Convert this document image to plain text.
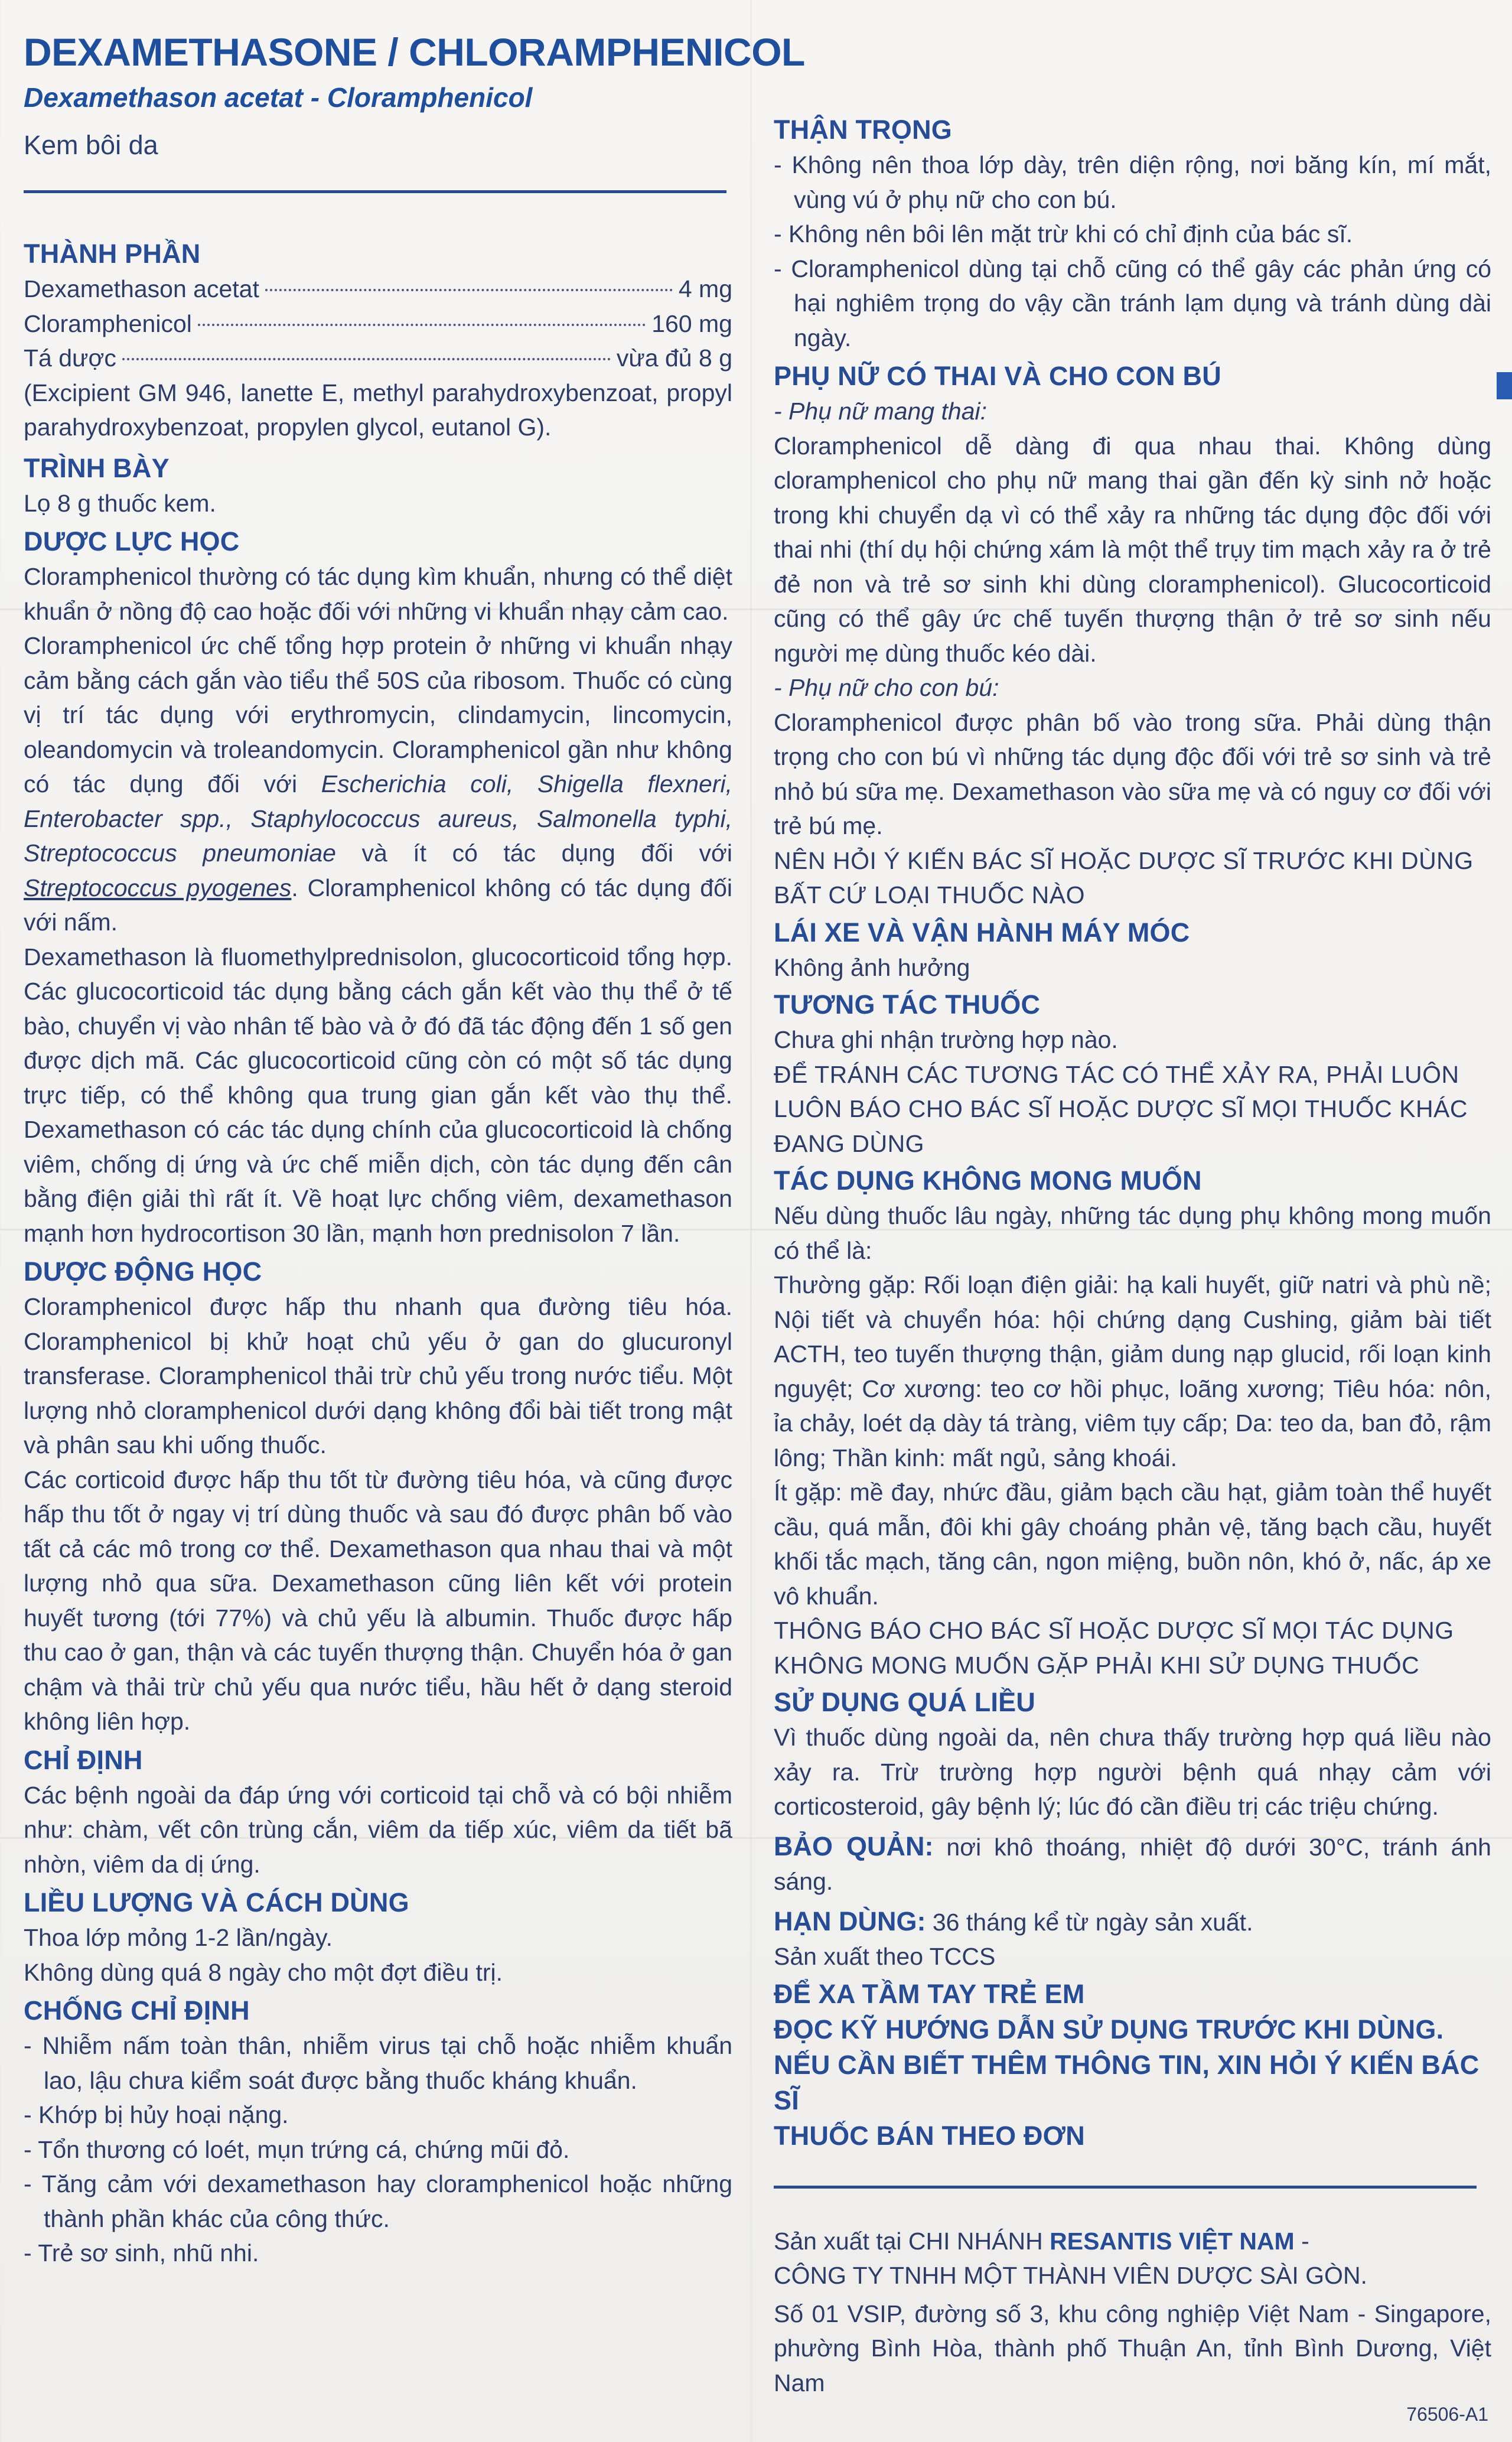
DEXAMETHASONE / CHLORAMPHENICOL
Dexamethason acetat - Cloramphenicol
Kem bôi da
THÀNH PHẦN
Dexamethason acetat	4 mg
Cloramphenicol	160 mg
Tá dược	vừa đủ 8 g

(Excipient GM 946, lanette E, methyl parahydroxybenzoat, propyl parahydroxybenzoat, propylen glycol, eutanol G).

TRÌNH BÀY

Lọ 8 g thuốc kem.

DƯỢC LỰC HỌC

Cloramphenicol thường có tác dụng kìm khuẩn, nhưng có thể diệt khuẩn ở nồng độ cao hoặc đối với những vi khuẩn nhạy cảm cao.

Cloramphenicol ức chế tổng hợp protein ở những vi khuẩn nhạy cảm bằng cách gắn vào tiểu thể 50S của ribosom. Thuốc có cùng vị trí tác dụng với erythromycin, clindamycin, lincomycin, oleandomycin và troleandomycin. Cloramphenicol gần như không có tác dụng đối với Escherichia coli, Shigella flexneri, Enterobacter spp., Staphylococcus aureus, Salmonella typhi, Streptococcus pneumoniae và ít có tác dụng đối với Streptococcus pyogenes. Cloramphenicol không có tác dụng đối với nấm.

Dexamethason là fluomethylprednisolon, glucocorticoid tổng hợp. Các glucocorticoid tác dụng bằng cách gắn kết vào thụ thể ở tế bào, chuyển vị vào nhân tế bào và ở đó đã tác động đến 1 số gen được dịch mã. Các glucocorticoid cũng còn có một số tác dụng trực tiếp, có thể không qua trung gian gắn kết vào thụ thể. Dexamethason có các tác dụng chính của glucocorticoid là chống viêm, chống dị ứng và ức chế miễn dịch, còn tác dụng đến cân bằng điện giải thì rất ít. Về hoạt lực chống viêm, dexamethason mạnh hơn hydrocortison 30 lần, mạnh hơn prednisolon 7 lần.

DƯỢC ĐỘNG HỌC

Cloramphenicol được hấp thu nhanh qua đường tiêu hóa. Cloramphenicol bị khử hoạt chủ yếu ở gan do glucuronyl transferase. Cloramphenicol thải trừ chủ yếu trong nước tiểu. Một lượng nhỏ cloramphenicol dưới dạng không đổi bài tiết trong mật và phân sau khi uống thuốc.

Các corticoid được hấp thu tốt từ đường tiêu hóa, và cũng được hấp thu tốt ở ngay vị trí dùng thuốc và sau đó được phân bố vào tất cả các mô trong cơ thể. Dexamethason qua nhau thai và một lượng nhỏ qua sữa. Dexamethason cũng liên kết với protein huyết tương (tới 77%) và chủ yếu là albumin. Thuốc được hấp thu cao ở gan, thận và các tuyến thượng thận. Chuyển hóa ở gan chậm và thải trừ chủ yếu qua nước tiểu, hầu hết ở dạng steroid không liên hợp.

CHỈ ĐỊNH

Các bệnh ngoài da đáp ứng với corticoid tại chỗ và có bội nhiễm như: chàm, vết côn trùng cắn, viêm da tiếp xúc, viêm da tiết bã nhờn, viêm da dị ứng.

LIỀU LƯỢNG VÀ CÁCH DÙNG

Thoa lớp mỏng 1-2 lần/ngày.

Không dùng quá 8 ngày cho một đợt điều trị.

CHỐNG CHỈ ĐỊNH

- Nhiễm nấm toàn thân, nhiễm virus tại chỗ hoặc nhiễm khuẩn lao, lậu chưa kiểm soát được bằng thuốc kháng khuẩn.

- Khớp bị hủy hoại nặng.

- Tổn thương có loét, mụn trứng cá, chứng mũi đỏ.

- Tăng cảm với dexamethason hay cloramphenicol hoặc những thành phần khác của công thức.

- Trẻ sơ sinh, nhũ nhi.

THẬN TRỌNG

- Không nên thoa lớp dày, trên diện rộng, nơi băng kín, mí mắt, vùng vú ở phụ nữ cho con bú.

- Không nên bôi lên mặt trừ khi có chỉ định của bác sĩ.

- Cloramphenicol dùng tại chỗ cũng có thể gây các phản ứng có hại nghiêm trọng do vậy cần tránh lạm dụng và tránh dùng dài ngày.

PHỤ NỮ CÓ THAI VÀ CHO CON BÚ

- Phụ nữ mang thai:

Cloramphenicol dễ dàng đi qua nhau thai. Không dùng cloramphenicol cho phụ nữ mang thai gần đến kỳ sinh nở hoặc trong khi chuyển dạ vì có thể xảy ra những tác dụng độc đối với thai nhi (thí dụ hội chứng xám là một thể trụy tim mạch xảy ra ở trẻ đẻ non và trẻ sơ sinh khi dùng cloramphenicol). Glucocorticoid cũng có thể gây ức chế tuyến thượng thận ở trẻ sơ sinh nếu người mẹ dùng thuốc kéo dài.

- Phụ nữ cho con bú:

Cloramphenicol được phân bố vào trong sữa. Phải dùng thận trọng cho con bú vì những tác dụng độc đối với trẻ sơ sinh và trẻ nhỏ bú sữa mẹ. Dexamethason vào sữa mẹ và có nguy cơ đối với trẻ bú mẹ.

NÊN HỎI Ý KIẾN BÁC SĨ HOẶC DƯỢC SĨ TRƯỚC KHI DÙNG BẤT CỨ LOẠI THUỐC NÀO

LÁI XE VÀ VẬN HÀNH MÁY MÓC

Không ảnh hưởng

TƯƠNG TÁC THUỐC

Chưa ghi nhận trường hợp nào.

ĐỂ TRÁNH CÁC TƯƠNG TÁC CÓ THỂ XẢY RA, PHẢI LUÔN LUÔN BÁO CHO BÁC SĨ HOẶC DƯỢC SĨ MỌI THUỐC KHÁC ĐANG DÙNG

TÁC DỤNG KHÔNG MONG MUỐN

Nếu dùng thuốc lâu ngày, những tác dụng phụ không mong muốn có thể là:

Thường gặp: Rối loạn điện giải: hạ kali huyết, giữ natri và phù nề; Nội tiết và chuyển hóa: hội chứng dạng Cushing, giảm bài tiết ACTH, teo tuyến thượng thận, giảm dung nạp glucid, rối loạn kinh nguyệt; Cơ xương: teo cơ hồi phục, loãng xương; Tiêu hóa: nôn, ỉa chảy, loét dạ dày tá tràng, viêm tụy cấp; Da: teo da, ban đỏ, rậm lông; Thần kinh: mất ngủ, sảng khoái.

Ít gặp: mề đay, nhức đầu, giảm bạch cầu hạt, giảm toàn thể huyết cầu, quá mẫn, đôi khi gây choáng phản vệ, tăng bạch cầu, huyết khối tắc mạch, tăng cân, ngon miệng, buồn nôn, khó ở, nấc, áp xe vô khuẩn.

THÔNG BÁO CHO BÁC SĨ HOẶC DƯỢC SĨ MỌI TÁC DỤNG KHÔNG MONG MUỐN GẶP PHẢI KHI SỬ DỤNG THUỐC

SỬ DỤNG QUÁ LIỀU

Vì thuốc dùng ngoài da, nên chưa thấy trường hợp quá liều nào xảy ra. Trừ trường hợp người bệnh quá nhạy cảm với corticosteroid, gây bệnh lý; lúc đó cần điều trị các triệu chứng.

BẢO QUẢN: nơi khô thoáng, nhiệt độ dưới 30°C, tránh ánh sáng.

HẠN DÙNG: 36 tháng kể từ ngày sản xuất.

Sản xuất theo TCCS

ĐỂ XA TẦM TAY TRẺ EM
ĐỌC KỸ HƯỚNG DẪN SỬ DỤNG TRƯỚC KHI DÙNG.
NẾU CẦN BIẾT THÊM THÔNG TIN, XIN HỎI Ý KIẾN BÁC SĨ
THUỐC BÁN THEO ĐƠN

Sản xuất tại CHI NHÁNH RESANTIS VIỆT NAM -

CÔNG TY TNHH MỘT THÀNH VIÊN DƯỢC SÀI GÒN.

Số 01 VSIP, đường số 3, khu công nghiệp Việt Nam - Singapore, phường Bình Hòa, thành phố Thuận An, tỉnh Bình Dương, Việt Nam

76506-A1
